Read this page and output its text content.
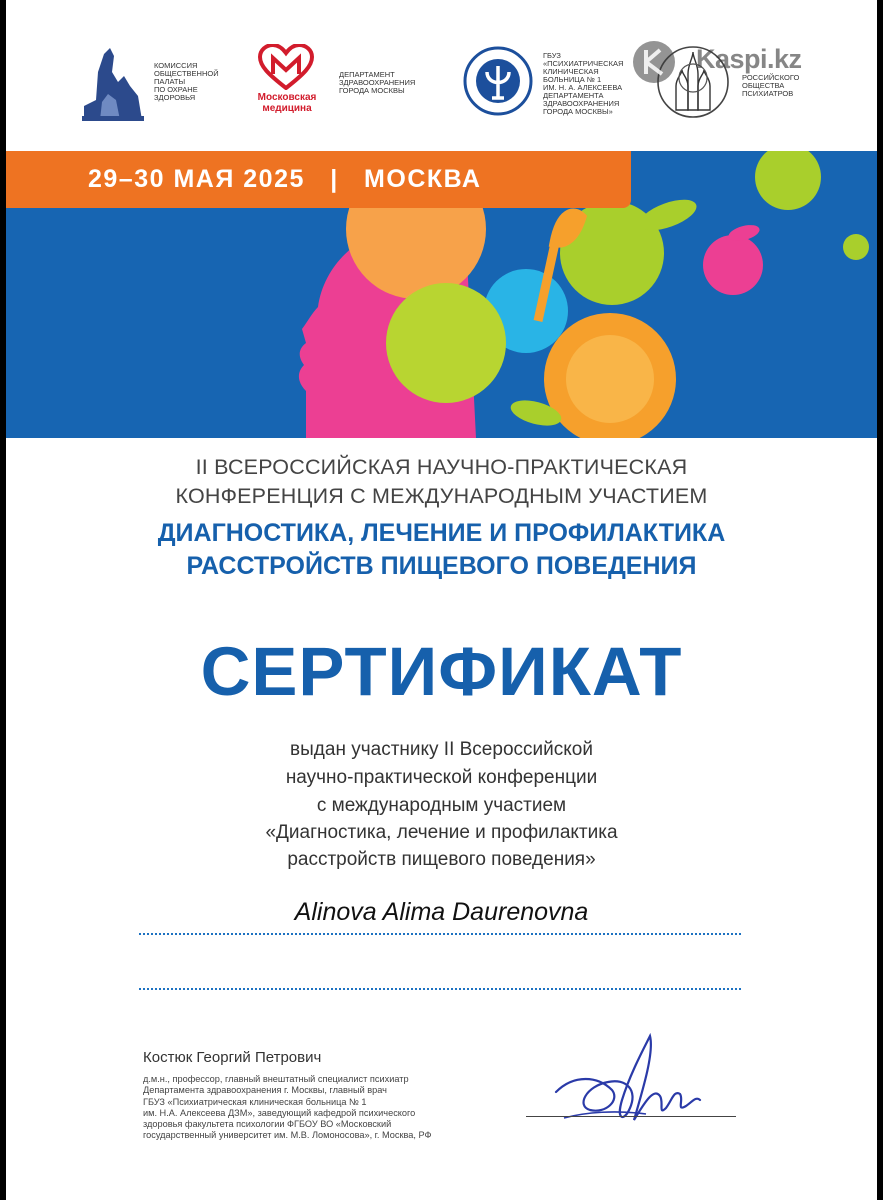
КОМИССИЯ
ОБЩЕСТВЕННОЙ
ПАЛАТЫ
ПО ОХРАНЕ
ЗДОРОВЬЯ	Московская
медицина
ДЕПАРТАМЕНТ
ЗДРАВООХРАНЕНИЯ
ГОРОДА МОСКВЫ
ГБУЗ
«ПСИХИАТРИЧЕСКАЯ
КЛИНИЧЕСКАЯ
БОЛЬНИЦА № 1
ИМ. Н. А. АЛЕКСЕЕВА
ДЕПАРТАМЕНТА
ЗДРАВООХРАНЕНИЯ
ГОРОДА МОСКВЫ»
РОССИЙСКОГО
ОБЩЕСТВА
ПСИХИАТРОВ
Kaspi.kz
29–30 МАЯ 2025   |   МОСКВА
II ВСЕРОССИЙСКАЯ НАУЧНО-ПРАКТИЧЕСКАЯ
КОНФЕРЕНЦИЯ С МЕЖДУНАРОДНЫМ УЧАСТИЕМ
ДИАГНОСТИКА, ЛЕЧЕНИЕ И ПРОФИЛАКТИКА
РАССТРОЙСТВ ПИЩЕВОГО ПОВЕДЕНИЯ
СЕРТИФИКАТ
выдан участнику II Всероссийской
научно-практической конференции
с международным участием
«Диагностика, лечение и профилактика
расстройств пищевого поведения»
Alinova Alima Daurenovna
Костюк Георгий Петрович
д.м.н., профессор, главный внештатный специалист психиатр
Департамента здравоохранения г. Москвы, главный врач
ГБУЗ «Психиатрическая клиническая больница № 1
им. Н.А. Алексеева ДЗМ», заведующий кафедрой психического
здоровья факультета психологии ФГБОУ ВО «Московский
государственный университет им. М.В. Ломоносова», г. Москва, РФ
